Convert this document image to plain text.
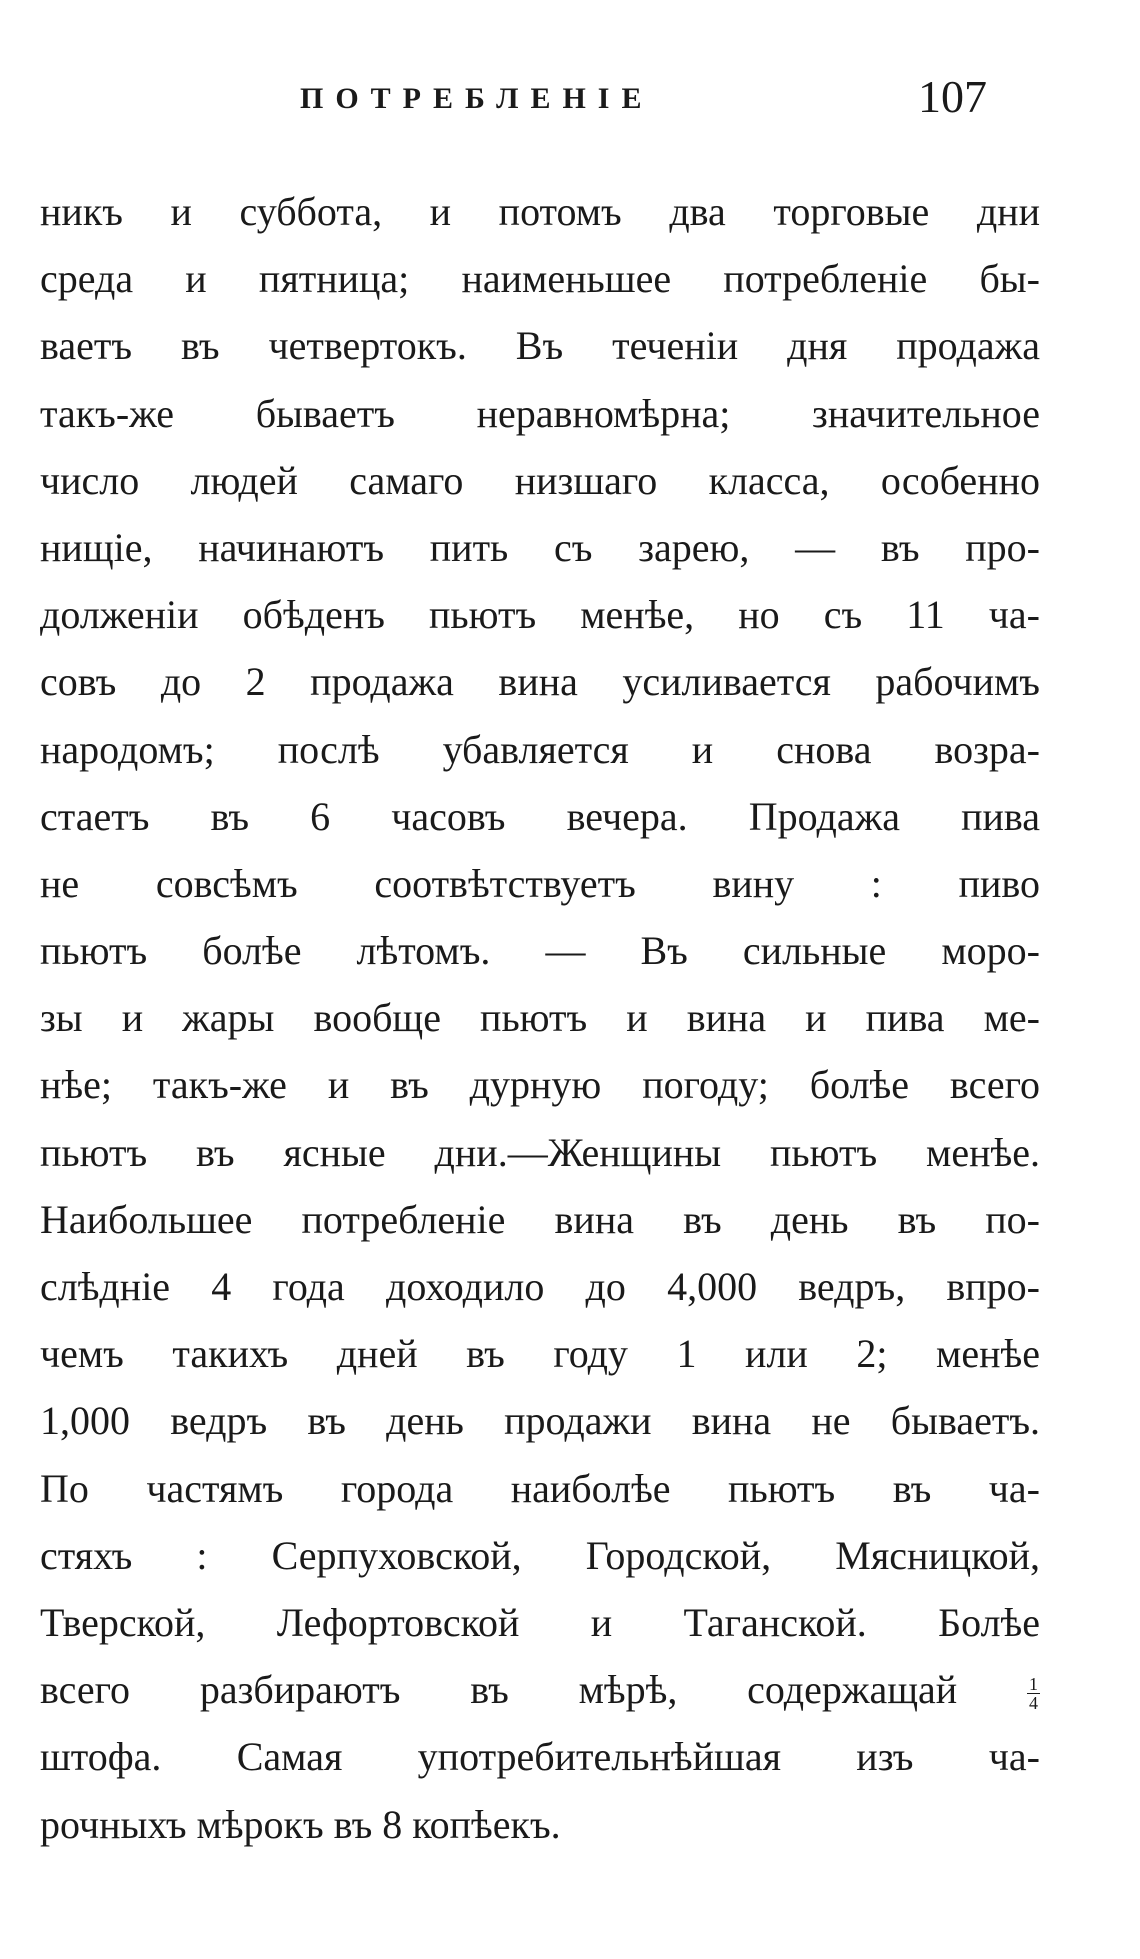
ПОТРЕБЛЕНІЕ	107
никъ и суббота, и потомъ два торговые дни
среда и пятница; наименьшее потребленіе бы-
ваетъ въ четвертокъ. Въ теченіи дня продажа
такъ-же бываетъ неравномѣрна; значительное
число людей самаго низшаго класса, особенно
нищіе, начинаютъ пить съ зарею, — въ про-
долженіи обѣденъ пьютъ менѣе, но съ 11 ча-
совъ до 2 продажа вина усиливается рабочимъ
народомъ; послѣ убавляется и снова возра-
стаетъ въ 6 часовъ вечера. Продажа пива
не совсѣмъ соотвѣтствуетъ вину : пиво
пьютъ болѣе лѣтомъ. — Въ сильные моро-
зы и жары вообще пьютъ и вина и пива ме-
нѣе; такъ-же и въ дурную погоду; болѣе всего
пьютъ въ ясные дни.—Женщины пьютъ менѣе.
Наибольшее потребленіе вина въ день въ по-
слѣдніе 4 года доходило до 4,000 ведръ, впро-
чемъ такихъ дней въ году 1 или 2; менѣе
1,000 ведръ въ день продажи вина не бываетъ.
По частямъ города наиболѣе пьютъ въ ча-
стяхъ : Серпуховской, Городской, Мясницкой,
Тверской, Лефортовской и Таганской. Болѣе
всего разбираютъ въ мѣрѣ, содержащай	$\frac{1}{4}$
штофа. Самая употребительнѣйшая изъ ча-
рочныхъ мѣрокъ въ 8 копѣекъ.
